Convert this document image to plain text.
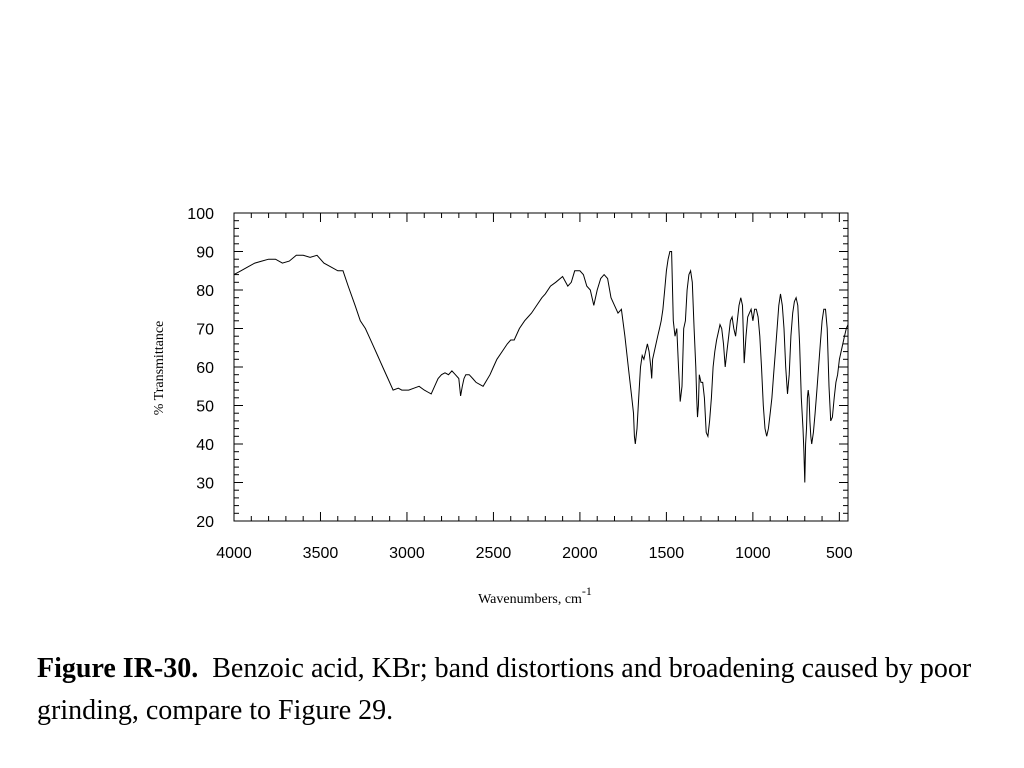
4000	3500	3000	2500	2000	1500	1000	500
20
30
40
50
60
70
80
90
100
% Transmittance
Wavenumbers, cm-1
Figure IR-30. Benzoic acid, KBr; band distortions and broadening caused by poor grinding, compare to Figure 29.
